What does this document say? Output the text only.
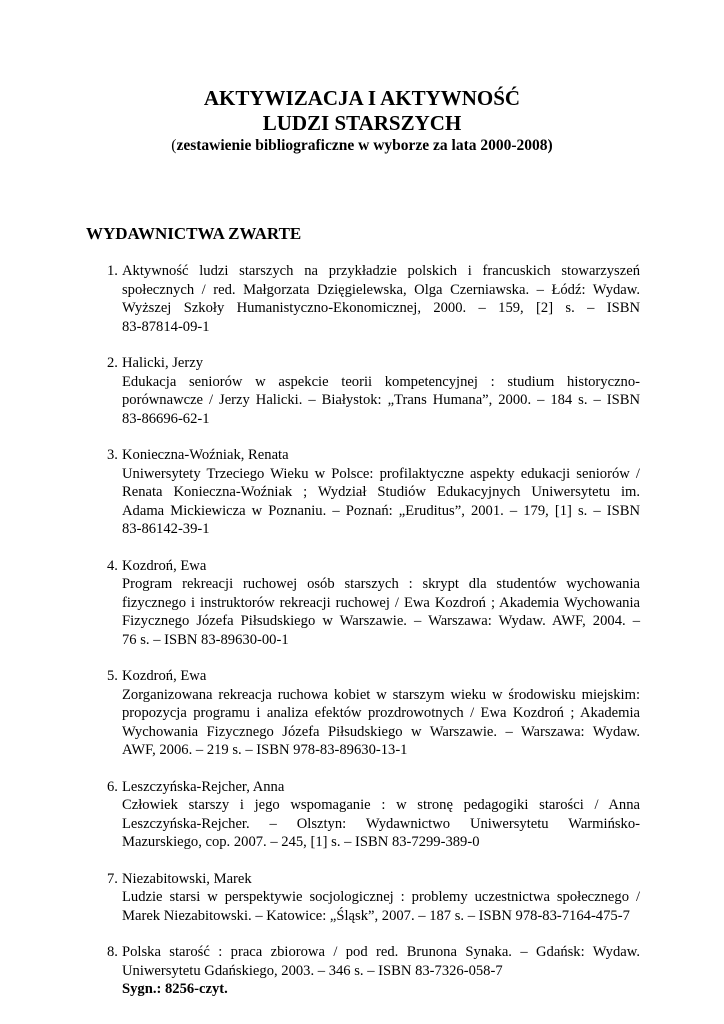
AKTYWIZACJA I AKTYWNOŚĆ
LUDZI STARSZYCH
(zestawienie bibliograficzne w wyborze za lata 2000-2008)
WYDAWNICTWA ZWARTE
1. Aktywność ludzi starszych na przykładzie polskich i francuskich stowarzyszeń
społecznych / red. Małgorzata Dzięgielewska, Olga Czerniawska. – Łódź: Wydaw.
Wyższej Szkoły Humanistyczno-Ekonomicznej, 2000. – 159, [2] s. – ISBN
83-87814-09-1
2. Halicki, Jerzy
Edukacja seniorów w aspekcie teorii kompetencyjnej : studium historyczno-
porównawcze / Jerzy Halicki. – Białystok: „Trans Humana”, 2000. – 184 s. – ISBN
83-86696-62-1
3. Konieczna-Woźniak, Renata
Uniwersytety Trzeciego Wieku w Polsce: profilaktyczne aspekty edukacji seniorów /
Renata Konieczna-Woźniak ; Wydział Studiów Edukacyjnych Uniwersytetu im.
Adama Mickiewicza w Poznaniu. – Poznań: „Eruditus”, 2001. – 179, [1] s. – ISBN
83-86142-39-1
4. Kozdroń, Ewa
Program rekreacji ruchowej osób starszych : skrypt dla studentów wychowania
fizycznego i instruktorów rekreacji ruchowej / Ewa Kozdroń ; Akademia Wychowania
Fizycznego Józefa Piłsudskiego w Warszawie. – Warszawa: Wydaw. AWF, 2004. –
76 s. – ISBN 83-89630-00-1
5. Kozdroń, Ewa
Zorganizowana rekreacja ruchowa kobiet w starszym wieku w środowisku miejskim:
propozycja programu i analiza efektów prozdrowotnych / Ewa Kozdroń ; Akademia
Wychowania Fizycznego Józefa Piłsudskiego w Warszawie. – Warszawa: Wydaw.
AWF, 2006. – 219 s. – ISBN 978-83-89630-13-1
6. Leszczyńska-Rejcher, Anna
Człowiek starszy i jego wspomaganie : w stronę pedagogiki starości / Anna
Leszczyńska-Rejcher. – Olsztyn: Wydawnictwo Uniwersytetu Warmińsko-
Mazurskiego, cop. 2007. – 245, [1] s. – ISBN 83-7299-389-0
7. Niezabitowski, Marek
Ludzie starsi w perspektywie socjologicznej : problemy uczestnictwa społecznego /
Marek Niezabitowski. – Katowice: „Śląsk”, 2007. – 187 s. – ISBN 978-83-7164-475-7
8. Polska starość : praca zbiorowa / pod red. Brunona Synaka. – Gdańsk: Wydaw.
Uniwersytetu Gdańskiego, 2003. – 346 s. – ISBN 83-7326-058-7
Sygn.: 8256-czyt.
